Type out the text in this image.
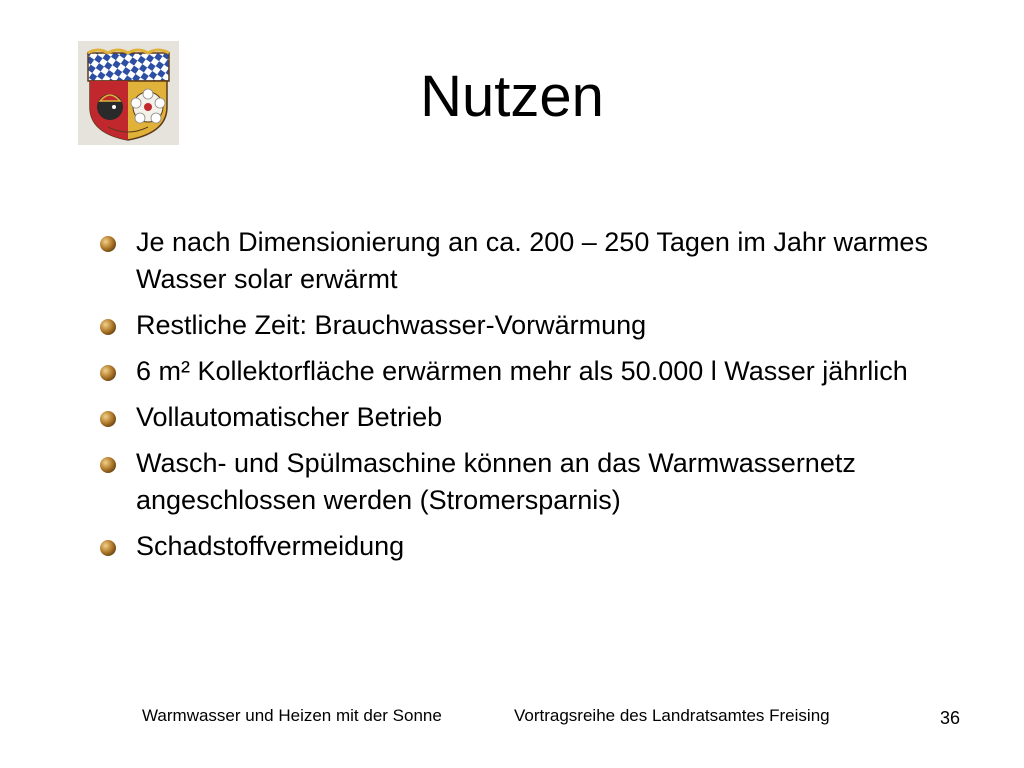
Nutzen
Je nach Dimensionierung an ca. 200 – 250 Tagen im Jahr warmes Wasser solar erwärmt
Restliche Zeit: Brauchwasser-Vorwärmung
6 m² Kollektorfläche erwärmen mehr als 50.000 l Wasser jährlich
Vollautomatischer Betrieb
Wasch- und Spülmaschine können an das Warmwassernetz angeschlossen werden (Stromersparnis)
Schadstoffvermeidung
Warmwasser und Heizen mit der Sonne	Vortragsreihe des Landratsamtes Freising	36
